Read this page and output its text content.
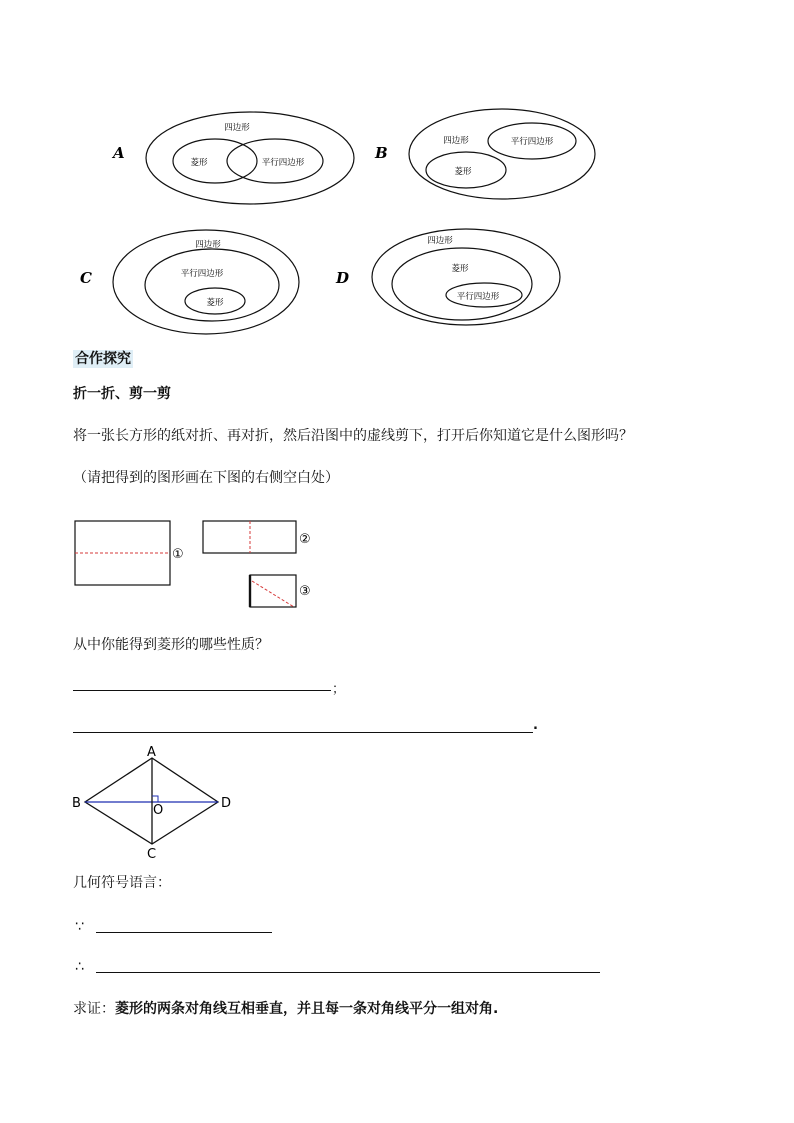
A
四边形
菱形	平行四边形
B
四边形	平行四边形
菱形
C
四边形
平行四边形
菱形
D
四边形
菱形
平行四边形
合作探究
折一折、剪一剪
将一张长方形的纸对折、再对折，然后沿图中的虚线剪下，打开后你知道它是什么图形吗？
（请把得到的图形画在下图的右侧空白处）
①
②
③
从中你能得到菱形的哪些性质？
；
.
A
B
C
D
O
几何符号语言：
∵
∴
求证：菱形的两条对角线互相垂直，并且每一条对角线平分一组对角.
